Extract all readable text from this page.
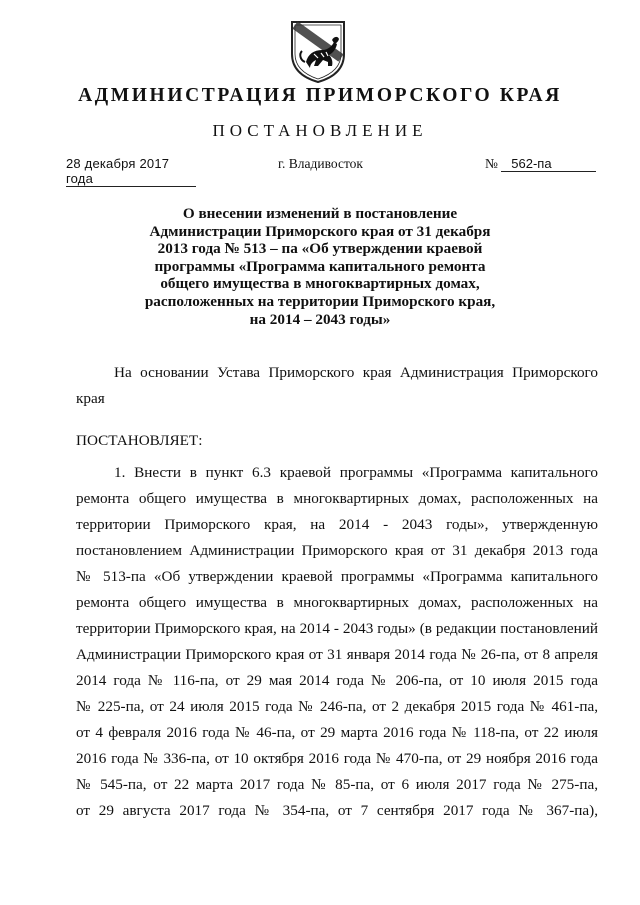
АДМИНИСТРАЦИЯ ПРИМОРСКОГО КРАЯ
ПОСТАНОВЛЕНИЕ
28 декабря 2017 года
г. Владивосток	№ 562-па
О внесении изменений в постановление
Администрации Приморского края от 31 декабря
2013 года № 513 – па «Об утверждении краевой
программы «Программа капитального ремонта
общего имущества в многоквартирных домах,
расположенных на территории Приморского края,
на 2014 – 2043 годы»
На основании Устава Приморского края Администрация Приморского
края
ПОСТАНОВЛЯЕТ:
1. Внести в пункт 6.3 краевой программы «Программа капитального
ремонта общего имущества в многоквартирных домах, расположенных на
территории Приморского края, на 2014 - 2043 годы», утвержденную
постановлением Администрации Приморского края от 31 декабря 2013 года
№ 513-па «Об утверждении краевой программы «Программа капитального
ремонта общего имущества в многоквартирных домах, расположенных на
территории Приморского края, на 2014 - 2043 годы» (в редакции постановлений
Администрации Приморского края от 31 января 2014 года № 26-па, от 8 апреля
2014 года № 116-па, от 29 мая 2014 года № 206-па, от 10 июля 2015 года
№ 225-па, от 24 июля 2015 года № 246-па, от 2 декабря 2015 года № 461-па,
от 4 февраля 2016 года № 46-па, от 29 марта 2016 года № 118-па, от 22 июля
2016 года № 336-па, от 10 октября 2016 года № 470-па, от 29 ноября 2016 года
№ 545-па, от 22 марта 2017 года № 85-па, от 6 июля 2017 года № 275-па,
от 29 августа 2017 года № 354-па, от 7 сентября 2017 года № 367-па),
